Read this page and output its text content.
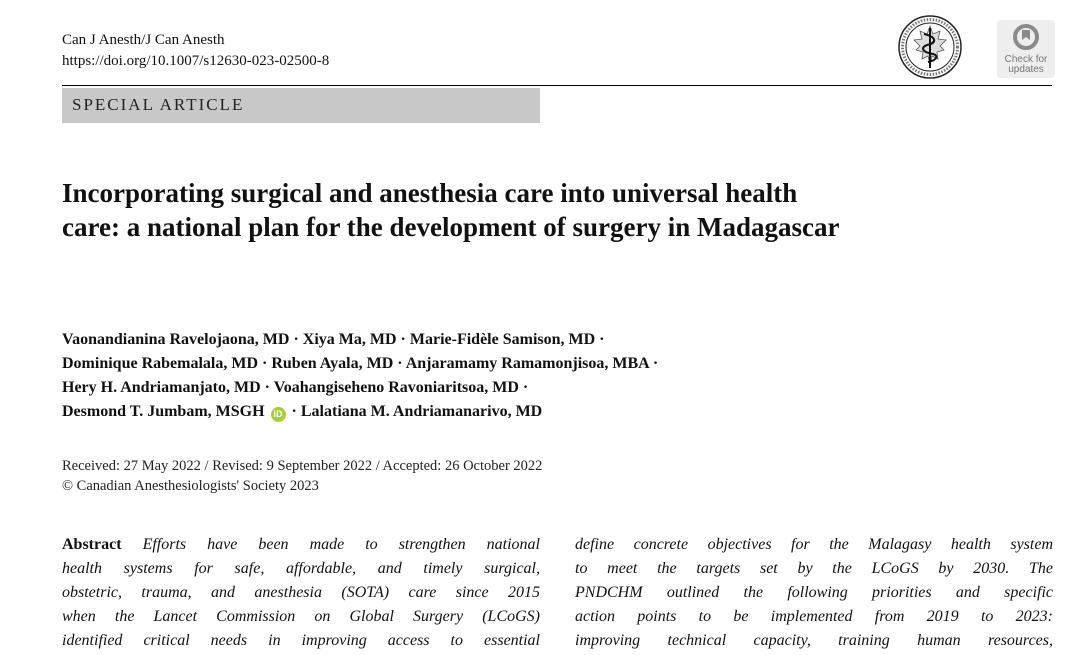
Can J Anesth/J Can Anesth
https://doi.org/10.1007/s12630-023-02500-8	Check for
updates
SPECIAL ARTICLE
Incorporating surgical and anesthesia care into universal health
care: a national plan for the development of surgery in Madagascar
Vaonandianina Ravelojaona, MD · Xiya Ma, MD · Marie-Fidèle Samison, MD ·
Dominique Rabemalala, MD · Ruben Ayala, MD · Anjaramamy Ramamonjisoa, MBA ·
Hery H. Andriamanjato, MD · Voahangiseheno Ravoniaritsoa, MD ·
Desmond T. Jumbam, MSGH iD · Lalatiana M. Andriamanarivo, MD
Received: 27 May 2022 / Revised: 9 September 2022 / Accepted: 26 October 2022
© Canadian Anesthesiologists' Society 2023
Abstract Efforts have been made to strengthen national
health systems for safe, affordable, and timely surgical,
obstetric, trauma, and anesthesia (SOTA) care since 2015
when the Lancet Commission on Global Surgery (LCoGS)
identified critical needs in improving access to essential
define concrete objectives for the Malagasy health system
to meet the targets set by the LCoGS by 2030. The
PNDCHM outlined the following priorities and specific
action points to be implemented from 2019 to 2023:
improving technical capacity, training human resources,
